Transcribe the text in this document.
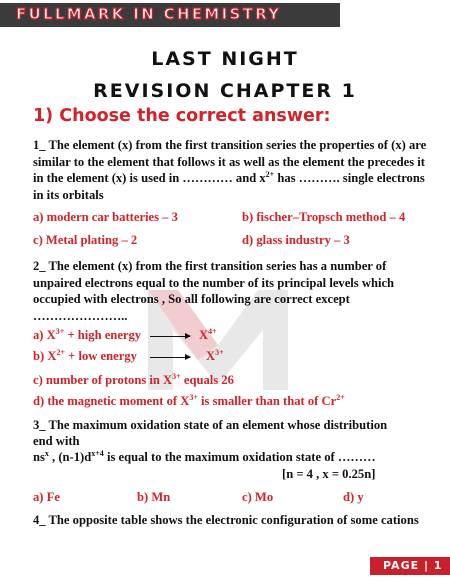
FULLMARK IN CHEMISTRY
LAST NIGHT
REVISION CHAPTER 1
1) Choose the correct answer:
1_ The element (x) from the first transition series the properties of (x) are similar to the element that follows it as well as the element the precedes it in the element (x) is used in ………… and $x^{2+}$ has ………. single electrons in its orbitals
a) modern car batteries – 3	b) fischer–Tropsch method – 4
c) Metal plating – 2	d) glass industry – 3
2_ The element (x) from the first transition series has a number of unpaired electrons equal to the number of its principal levels which occupied with electrons , So all following are correct except …………………..
a) $X^{3+}$ + high energy	$X^{4+}$
b) $X^{2+}$ + low energy	$X^{3+}$
c) number of protons in $X^{3+}$ equals 26
d) the magnetic moment of $X^{3+}$ is smaller than that of $Cr^{2+}$
3_ The maximum oxidation state of an element whose distribution
end with
$ns^x$ , $(n-1)d^{x+4}$ is equal to the maximum oxidation state of ………
[n = 4 , x = 0.25n]
a) Fe	b) Mn	c) Mo	d) y
4_ The opposite table shows the electronic configuration of some cations
PAGE | 1
